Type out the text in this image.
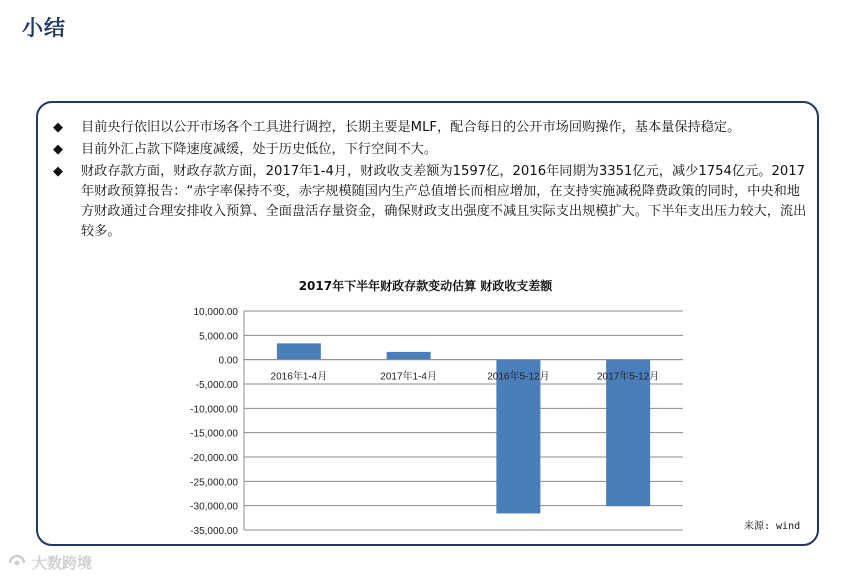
小结
◆	目前央行依旧以公开市场各个工具进行调控，长期主要是MLF，配合每日的公开市场回购操作，基本量保持稳定。
◆	目前外汇占款下降速度减缓，处于历史低位，下行空间不大。
◆	财政存款方面，财政存款方面，2017年1-4月，财政收支差额为1597亿，2016年同期为3351亿元，减少1754亿元。2017年财政预算报告：“赤字率保持不变，赤字规模随国内生产总值增长而相应增加，在支持实施减税降费政策的同时，中央和地方财政通过合理安排收入预算、全面盘活存量资金，确保财政支出强度不减且实际支出规模扩大。下半年支出压力较大，流出较多。
2017年下半年财政存款变动估算 财政收支差额
10,000.00
5,000.00
0.00
-5,000.00
-10,000.00
-15,000.00
-20,000.00
-25,000.00
-30,000.00
-35,000.00
2016年1-4月	2017年1-4月	2016年5-12月	2017年5-12月
来源: wind
大数跨境
